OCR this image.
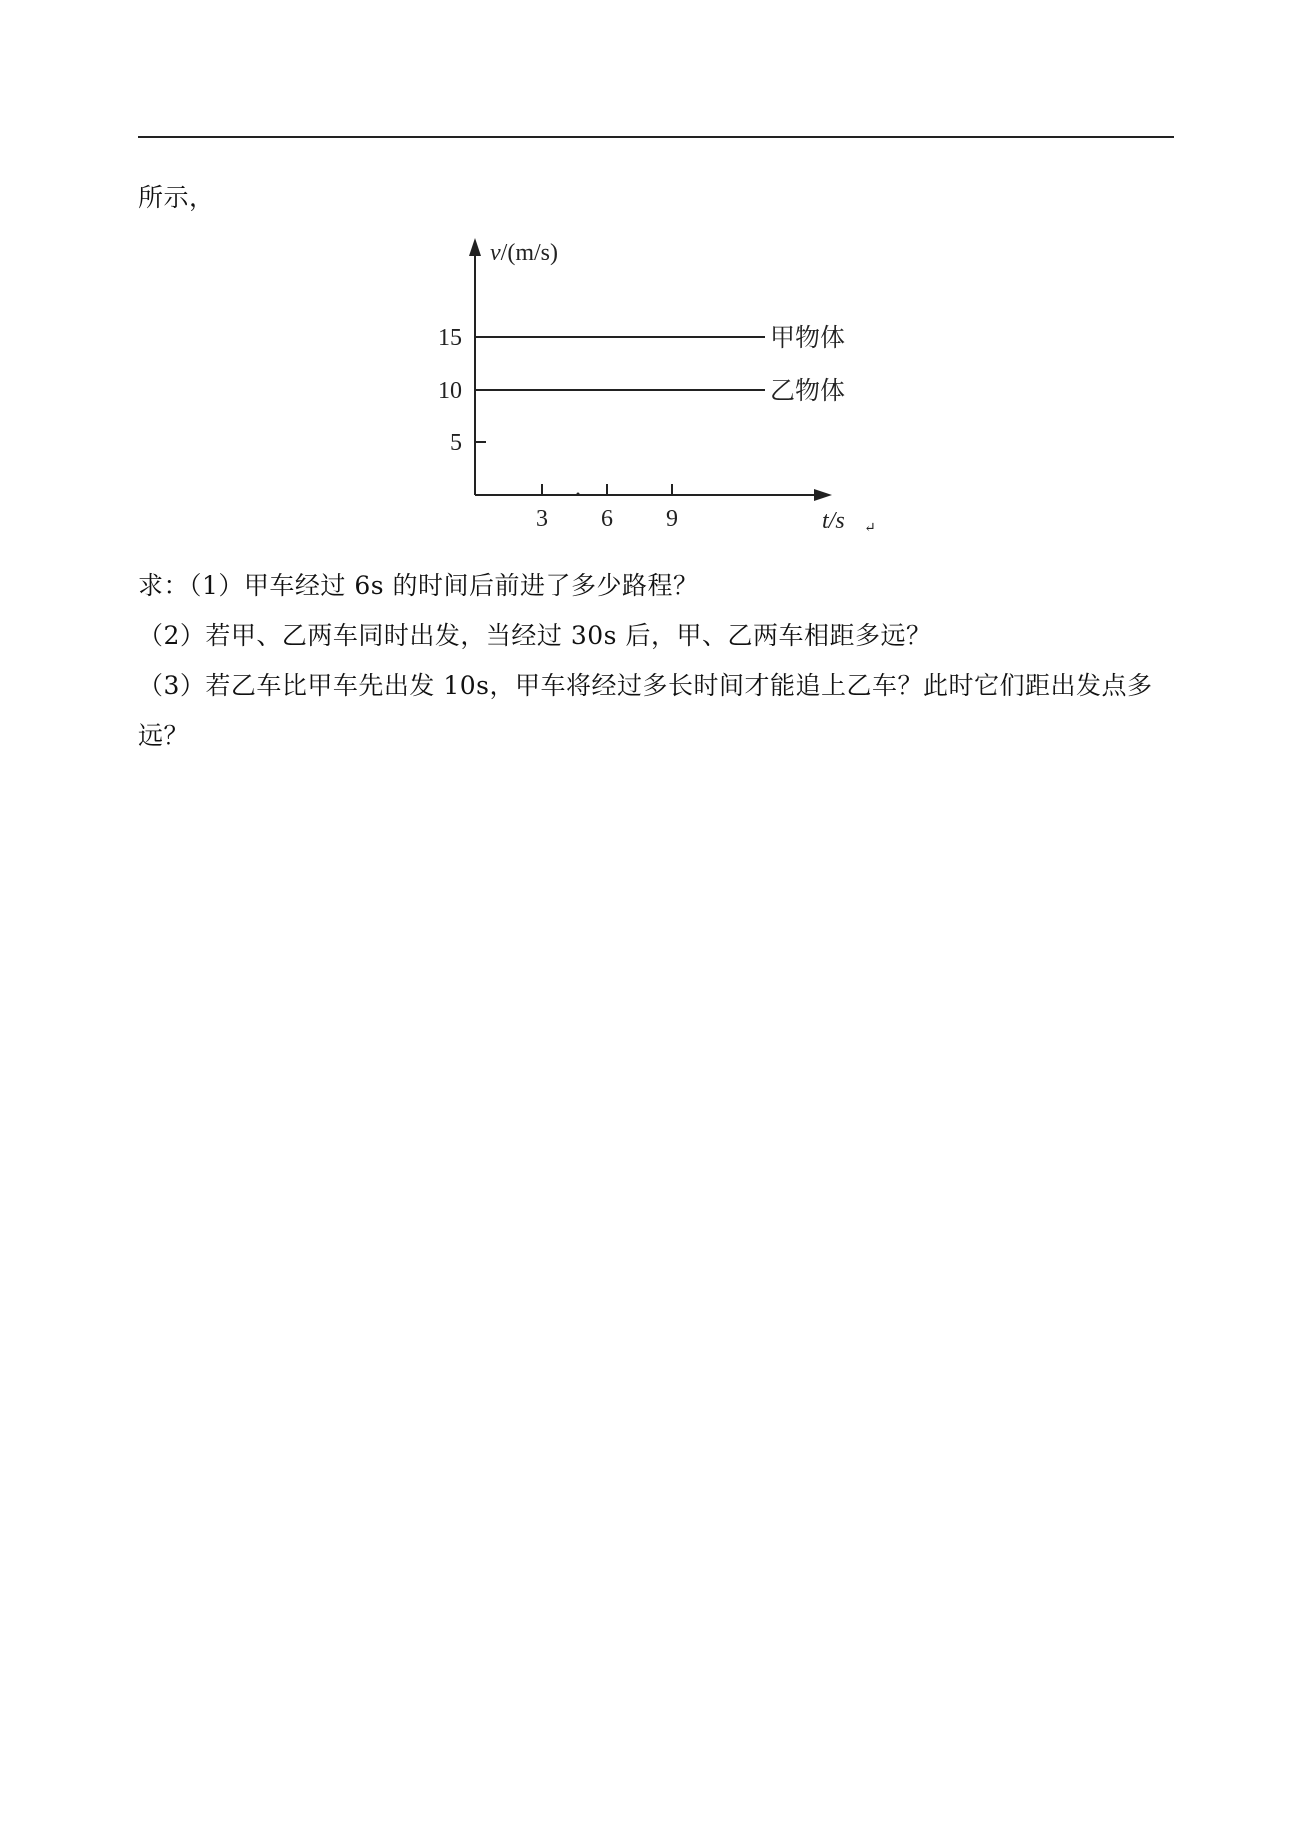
所示，
v/(m/s)
t/s ↵
15
10
5
3 6 9
甲物体
乙物体
求：（1）甲车经过 6s 的时间后前进了多少路程？
（2）若甲、乙两车同时出发，当经过 30s 后，甲、乙两车相距多远？
（3）若乙车比甲车先出发 10s，甲车将经过多长时间才能追上乙车？此时它们距出发点多
远？
